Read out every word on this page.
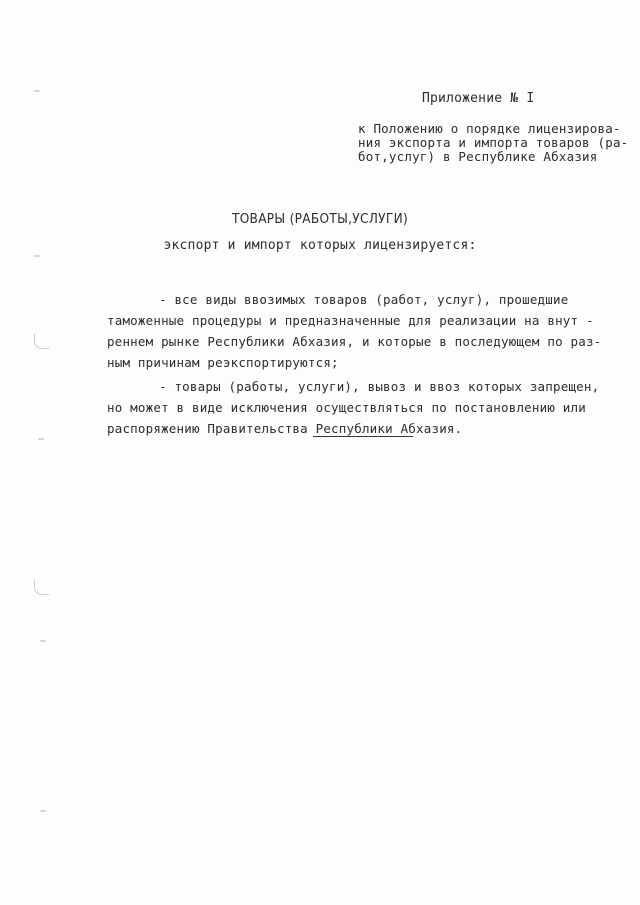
Приложение № I
к Положению о порядке лицензирова-
ния экспорта и импорта товаров (ра-
бот,услуг) в Республике Абхазия
ТОВАРЫ (РАБОТЫ,УСЛУГИ)
экспорт и импорт которых лицензируется:
- все виды ввозимых товаров (работ, услуг), прошедшие
таможенные процедуры и предназначенные для реализации на внут -
реннем рынке Республики Абхазия, и которые в последующем по раз-
ным причинам реэкспортируются;
- товары (работы, услуги), вывоз и ввоз которых запрещен,
но может в виде исключения осуществляться по постановлению или
распоряжению Правительства Республики Абхазия.
